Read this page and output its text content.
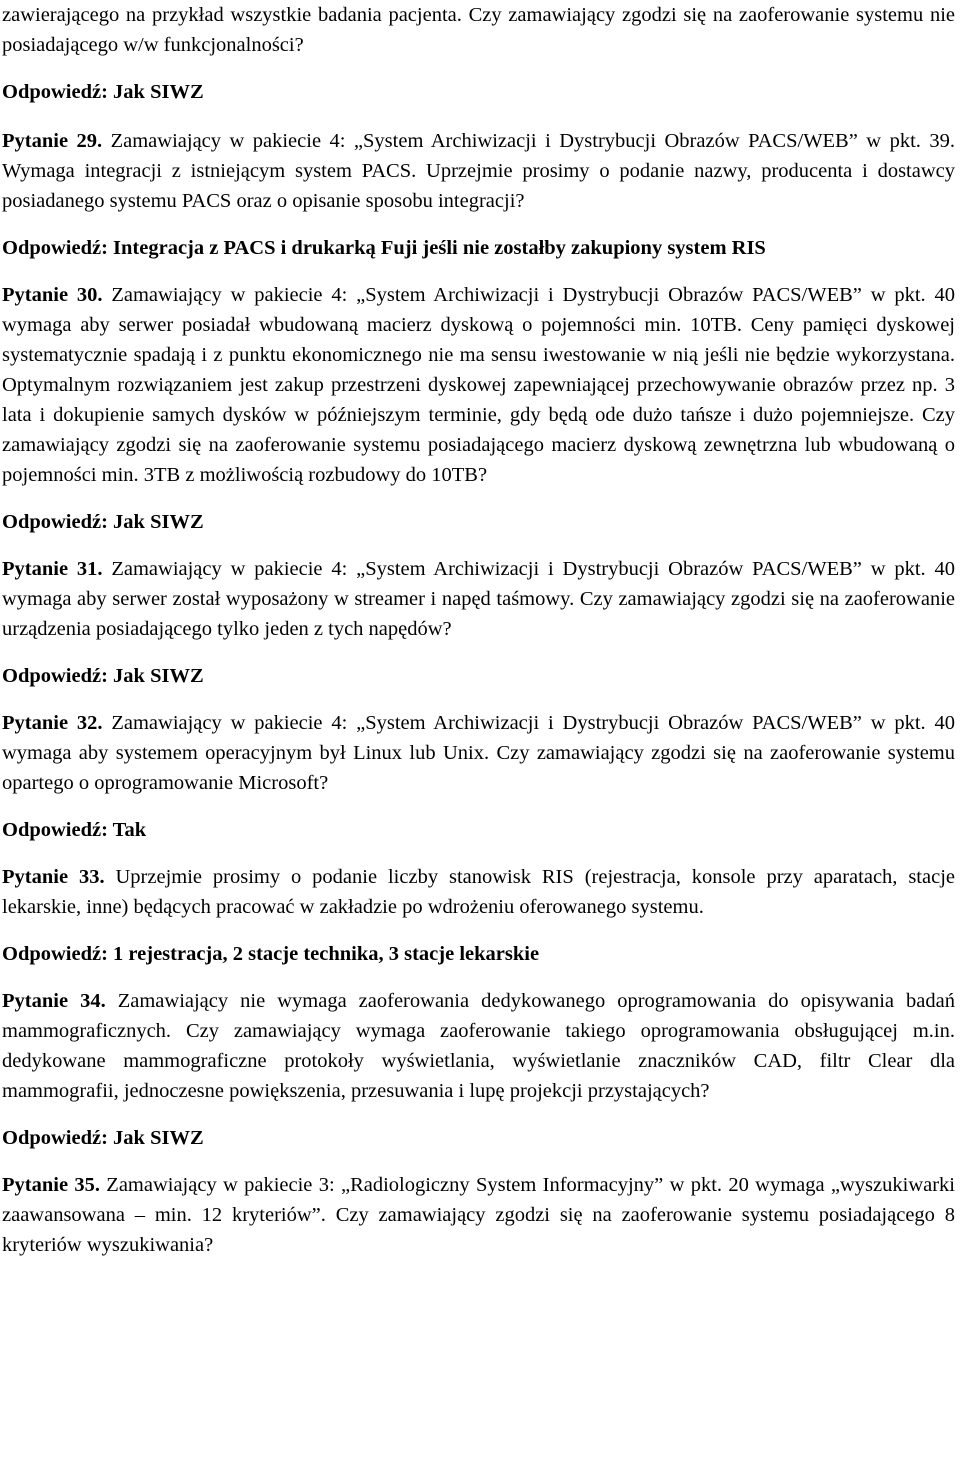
zawierającego na przykład wszystkie badania pacjenta. Czy zamawiający zgodzi się na zaoferowanie systemu nie posiadającego w/w funkcjonalności?

Odpowiedź: Jak SIWZ

Pytanie 29. Zamawiający w pakiecie 4: „System Archiwizacji i Dystrybucji Obrazów PACS/WEB” w pkt. 39. Wymaga integracji z istniejącym system PACS. Uprzejmie prosimy o podanie nazwy, producenta i dostawcy posiadanego systemu PACS oraz o opisanie sposobu integracji?

Odpowiedź: Integracja z PACS i drukarką Fuji jeśli nie zostałby zakupiony system RIS

Pytanie 30. Zamawiający w pakiecie 4: „System Archiwizacji i Dystrybucji Obrazów PACS/WEB” w pkt. 40 wymaga aby serwer posiadał wbudowaną macierz dyskową o pojemności min. 10TB. Ceny pamięci dyskowej systematycznie spadają i z punktu ekonomicznego nie ma sensu iwestowanie w nią jeśli nie będzie wykorzystana. Optymalnym rozwiązaniem jest zakup przestrzeni dyskowej zapewniającej przechowywanie obrazów przez np. 3 lata i dokupienie samych dysków w późniejszym terminie, gdy będą ode dużo tańsze i dużo pojemniejsze. Czy zamawiający zgodzi się na zaoferowanie systemu posiadającego macierz dyskową zewnętrzna lub wbudowaną o pojemności min. 3TB z możliwością rozbudowy do 10TB?

Odpowiedź: Jak SIWZ

Pytanie 31. Zamawiający w pakiecie 4: „System Archiwizacji i Dystrybucji Obrazów PACS/WEB” w pkt. 40 wymaga aby serwer został wyposażony w streamer i napęd taśmowy. Czy zamawiający zgodzi się na zaoferowanie urządzenia posiadającego tylko jeden z tych napędów?

Odpowiedź: Jak SIWZ

Pytanie 32. Zamawiający w pakiecie 4: „System Archiwizacji i Dystrybucji Obrazów PACS/WEB” w pkt. 40 wymaga aby systemem operacyjnym był Linux lub Unix. Czy zamawiający zgodzi się na zaoferowanie systemu opartego o oprogramowanie Microsoft?

Odpowiedź: Tak

Pytanie 33. Uprzejmie prosimy o podanie liczby stanowisk RIS (rejestracja, konsole przy aparatach, stacje lekarskie, inne) będących pracować w zakładzie po wdrożeniu oferowanego systemu.

Odpowiedź: 1 rejestracja, 2 stacje technika, 3 stacje lekarskie

Pytanie 34. Zamawiający nie wymaga zaoferowania dedykowanego oprogramowania do opisywania badań mammograficznych. Czy zamawiający wymaga zaoferowanie takiego oprogramowania obsługującej m.in. dedykowane mammograficzne protokoły wyświetlania, wyświetlanie znaczników CAD, filtr Clear dla mammografii, jednoczesne powiększenia, przesuwania i lupę projekcji przystających?

Odpowiedź: Jak SIWZ

Pytanie 35. Zamawiający w pakiecie 3: „Radiologiczny System Informacyjny” w pkt. 20 wymaga „wyszukiwarki zaawansowana – min. 12 kryteriów”. Czy zamawiający zgodzi się na zaoferowanie systemu posiadającego 8 kryteriów wyszukiwania?
